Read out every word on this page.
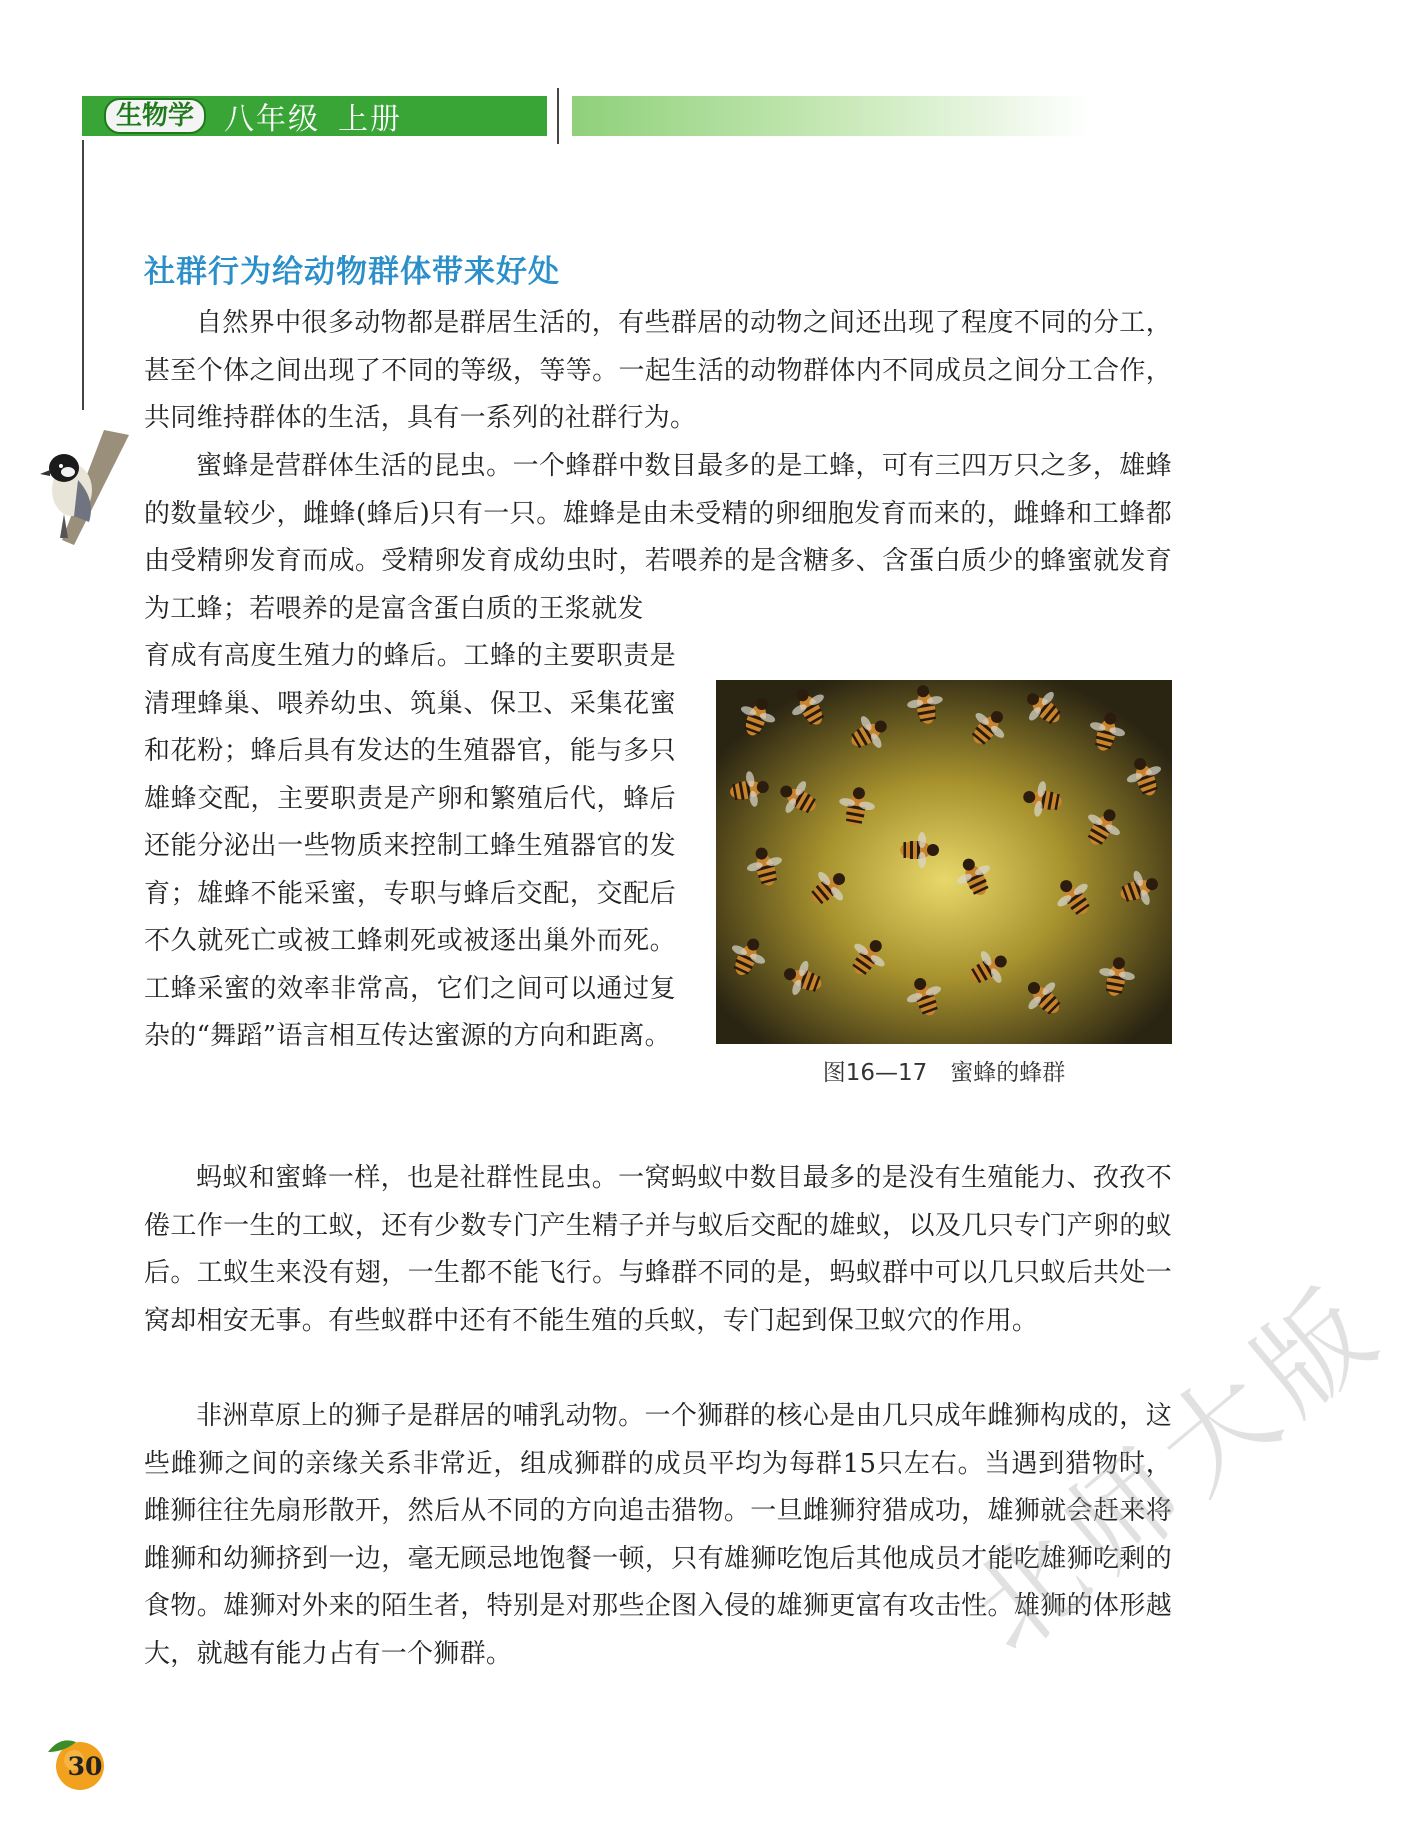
生物学	八年级 上册
社群行为给动物群体带来好处

自然界中很多动物都是群居生活的，有些群居的动物之间还出现了程度不同的分工，甚至个体之间出现了不同的等级，等等。一起生活的动物群体内不同成员之间分工合作，共同维持群体的生活，具有一系列的社群行为。

蜜蜂是营群体生活的昆虫。一个蜂群中数目最多的是工蜂，可有三四万只之多，雄蜂的数量较少，雌蜂(蜂后)只有一只。雄蜂是由未受精的卵细胞发育而来的，雌蜂和工蜂都由受精卵发育而成。受精卵发育成幼虫时，若喂养的是含糖多、含蛋白质少的蜂蜜就发育为工蜂；若喂养的是富含蛋白质的王浆就发

育成有高度生殖力的蜂后。工蜂的主要职责是清理蜂巢、喂养幼虫、筑巢、保卫、采集花蜜和花粉；蜂后具有发达的生殖器官，能与多只雄蜂交配，主要职责是产卵和繁殖后代，蜂后还能分泌出一些物质来控制工蜂生殖器官的发育；雄蜂不能采蜜，专职与蜂后交配，交配后不久就死亡或被工蜂刺死或被逐出巢外而死。工蜂采蜜的效率非常高，它们之间可以通过复杂的“舞蹈”语言相互传达蜜源的方向和距离。

蚂蚁和蜜蜂一样，也是社群性昆虫。一窝蚂蚁中数目最多的是没有生殖能力、孜孜不倦工作一生的工蚁，还有少数专门产生精子并与蚁后交配的雄蚁，以及几只专门产卵的蚁后。工蚁生来没有翅，一生都不能飞行。与蜂群不同的是，蚂蚁群中可以几只蚁后共处一窝却相安无事。有些蚁群中还有不能生殖的兵蚁，专门起到保卫蚁穴的作用。

非洲草原上的狮子是群居的哺乳动物。一个狮群的核心是由几只成年雌狮构成的，这些雌狮之间的亲缘关系非常近，组成狮群的成员平均为每群15只左右。当遇到猎物时，雌狮往往先扇形散开，然后从不同的方向追击猎物。一旦雌狮狩猎成功，雄狮就会赶来将雌狮和幼狮挤到一边，毫无顾忌地饱餐一顿，只有雄狮吃饱后其他成员才能吃雄狮吃剩的食物。雄狮对外来的陌生者，特别是对那些企图入侵的雄狮更富有攻击性。雄狮的体形越大，就越有能力占有一个狮群。

图16—17　蜜蜂的蜂群
30
北师大版
